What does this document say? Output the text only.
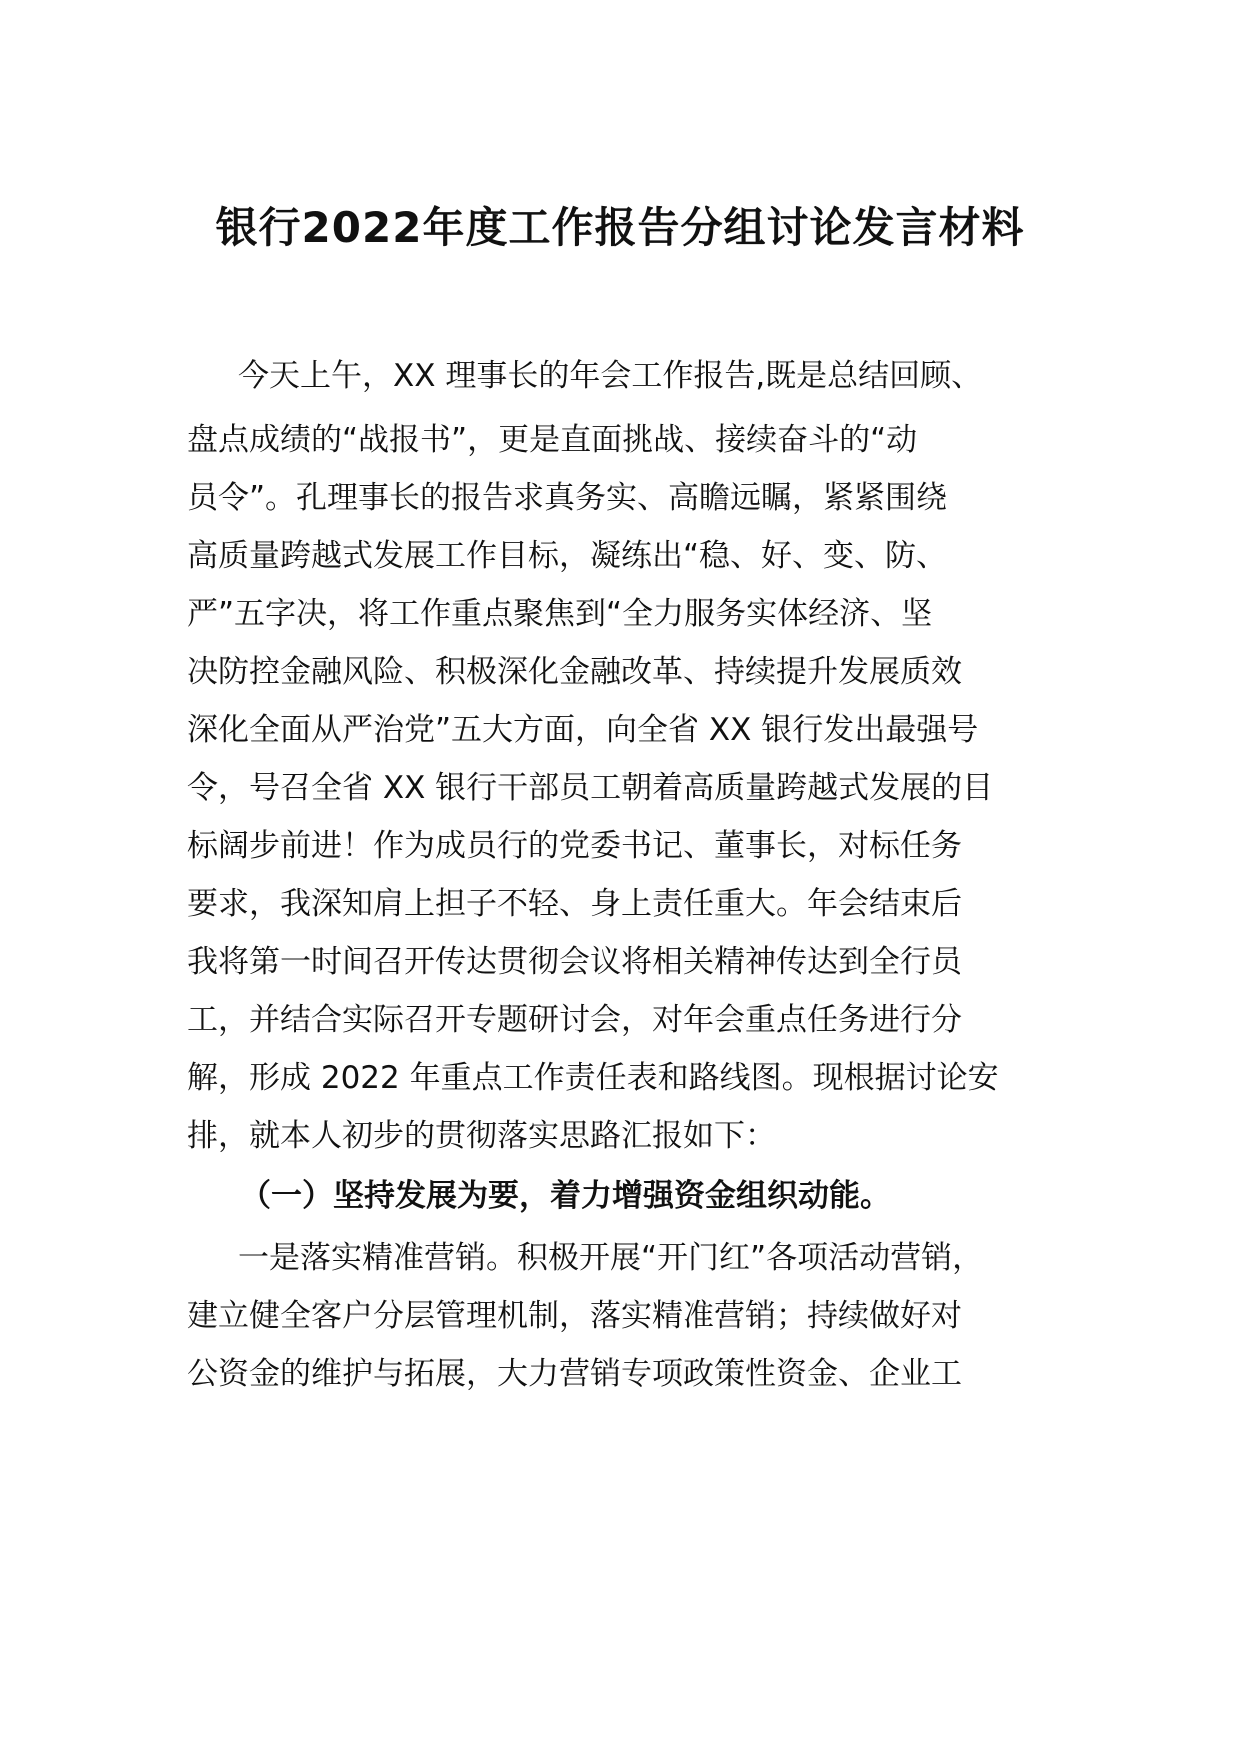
银行2022年度工作报告分组讨论发言材料
今天上午，XX 理事长的年会工作报告,既是总结回顾、
盘点成绩的“战报书”，更是直面挑战、接续奋斗的“动
员令”。孔理事长的报告求真务实、高瞻远瞩，紧紧围绕
高质量跨越式发展工作目标，凝练出“稳、好、变、防、
严”五字决，将工作重点聚焦到“全力服务实体经济、坚
决防控金融风险、积极深化金融改革、持续提升发展质效
深化全面从严治党”五大方面，向全省 XX 银行发出最强号
令，号召全省 XX 银行干部员工朝着高质量跨越式发展的目
标阔步前进！作为成员行的党委书记、董事长，对标任务
要求，我深知肩上担子不轻、身上责任重大。年会结束后
我将第一时间召开传达贯彻会议将相关精神传达到全行员
工，并结合实际召开专题研讨会，对年会重点任务进行分
解，形成 2022 年重点工作责任表和路线图。现根据讨论安
排，就本人初步的贯彻落实思路汇报如下：
（一）坚持发展为要，着力增强资金组织动能。
一是落实精准营销。积极开展“开门红”各项活动营销，
建立健全客户分层管理机制，落实精准营销；持续做好对
公资金的维护与拓展，大力营销专项政策性资金、企业工
